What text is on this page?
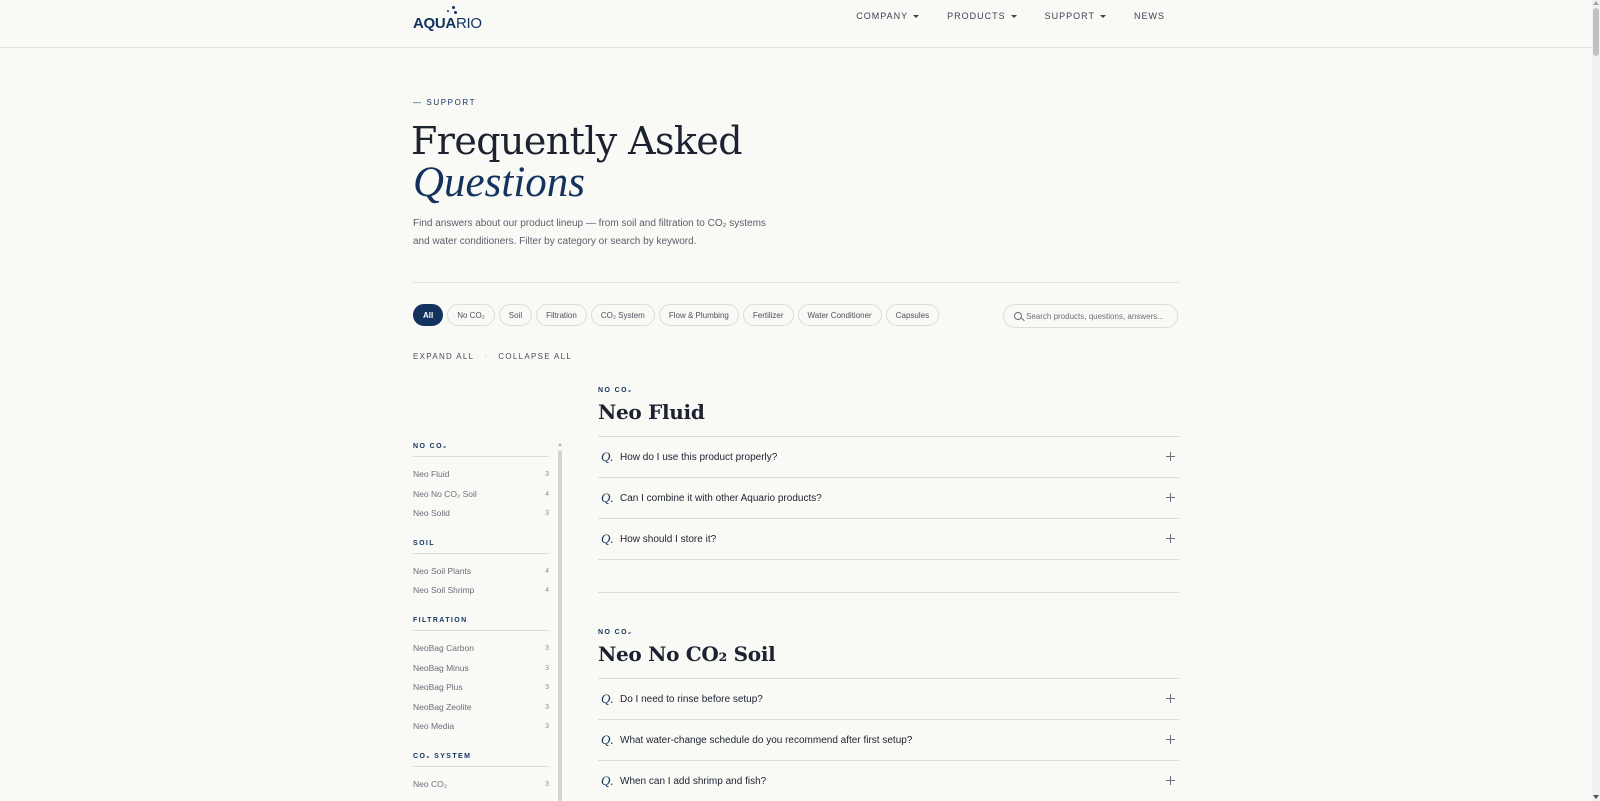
AQUARIO	COMPANY	PRODUCTS	SUPPORT	NEWS
— SUPPORT
Frequently Asked
Questions

Find answers about our product lineup — from soil and filtration to CO₂ systems and water conditioners. Filter by category or search by keyword.

All	No CO₂	Soil	Filtration	CO₂ System	Flow & Plumbing	Fertilizer	Water Conditioner	Capsules
Search products, questions, answers...
EXPAND ALL · COLLAPSE ALL
NO CO₂
Neo Fluid	3
Neo No CO₂ Soil	4
Neo Solid	3
SOIL
Neo Soil Plants	4
Neo Soil Shrimp	4
FILTRATION
NeoBag Carbon	3
NeoBag Minus	3
NeoBag Plus	3
NeoBag Zeolite	3
Neo Media	3
CO₂ SYSTEM
Neo CO₂	3
NO CO₂
Neo Fluid
Q. How do I use this product properly?
Q. Can I combine it with other Aquario products?
Q. How should I store it?
NO CO₂
Neo No CO₂ Soil
Q. Do I need to rinse before setup?
Q. What water-change schedule do you recommend after first setup?
Q. When can I add shrimp and fish?
